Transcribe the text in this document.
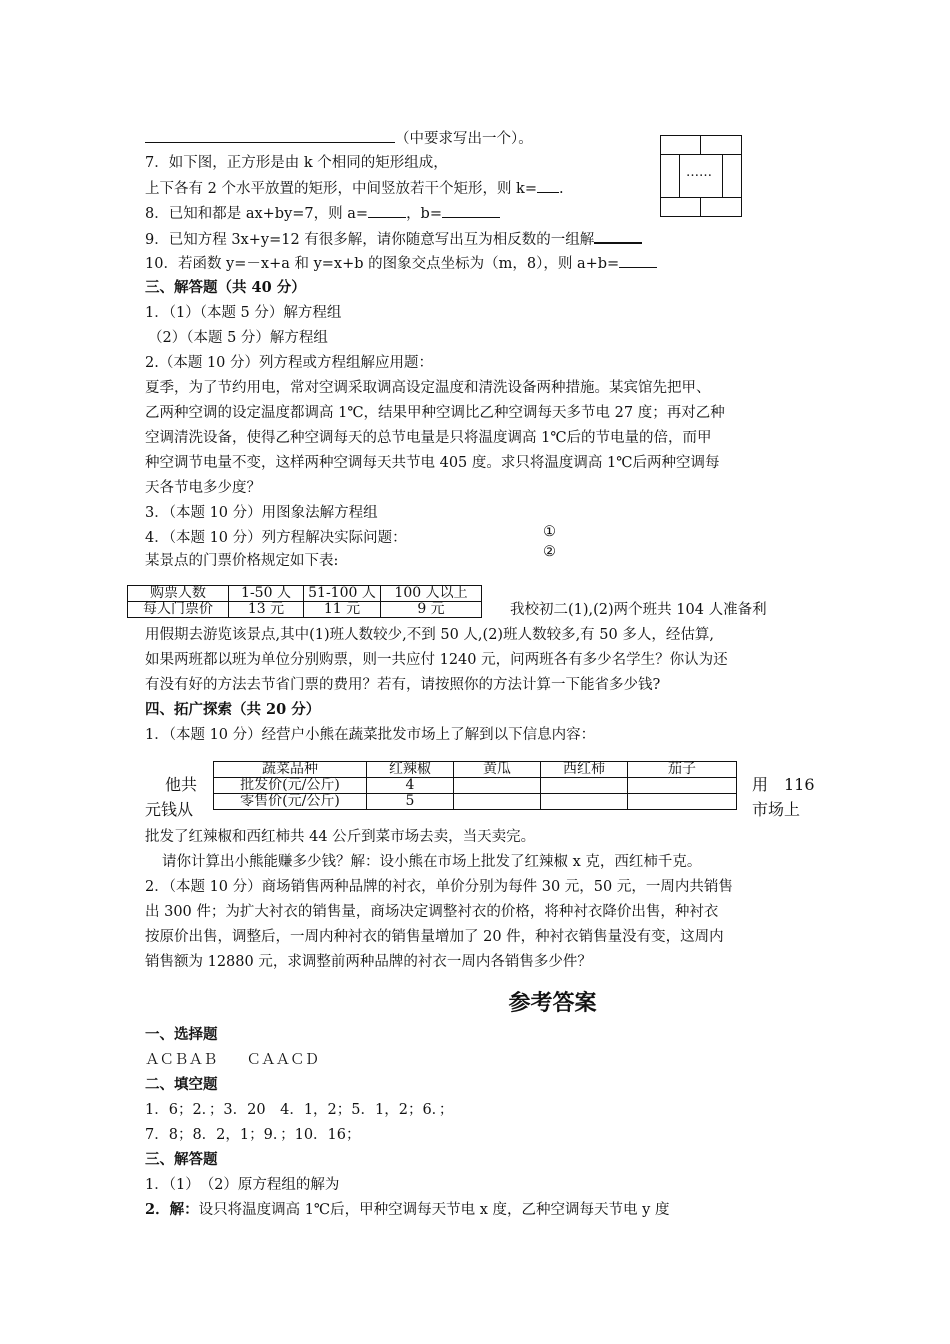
（中要求写出一个）。
7．如下图，正方形是由 k 个相同的矩形组成，
上下各有 2 个水平放置的矩形，中间竖放若干个矩形，则 k= .
……
8．已知和都是 ax+by=7，则 a=	，b=
9．已知方程 3x+y=12 有很多解，请你随意写出互为相反数的一组解
10．若函数 y=－x+a 和 y=x+b 的图象交点坐标为（m，8），则 a+b=
三、解答题（共 40 分）
1．（1）（本题 5 分）解方程组
（2）（本题 5 分）解方程组
2.（本题 10 分）列方程或方程组解应用题：
夏季，为了节约用电，常对空调采取调高设定温度和清洗设备两种措施。某宾馆先把甲、
乙两种空调的设定温度都调高 1℃，结果甲种空调比乙种空调每天多节电 27 度；再对乙种
空调清洗设备，使得乙种空调每天的总节电量是只将温度调高 1℃后的节电量的倍，而甲
种空调节电量不变，这样两种空调每天共节电 405 度。求只将温度调高 1℃后两种空调每
天各节电多少度？
3．（本题 10 分）用图象法解方程组
4．（本题 10 分）列方程解决实际问题：	①
②
某景点的门票价格规定如下表:
购票人数	1-50 人	51-100 人	100 人以上
每人门票价	13 元	11 元	9 元	我校初二(1),(2)两个班共 104 人准备利
用假期去游览该景点,其中(1)班人数较少,不到 50 人,(2)班人数较多,有 50 多人，经估算,
如果两班都以班为单位分别购票，则一共应付 1240 元，问两班各有多少名学生？你认为还
有没有好的方法去节省门票的费用？若有，请按照你的方法计算一下能省多少钱?
四、拓广探索（共 20 分）
1．（本题 10 分）经营户小熊在蔬菜批发市场上了解到以下信息内容：
蔬菜品种	红辣椒	黄瓜	西红柿	茄子
批发价(元/公斤)	4			
零售价(元/公斤)	5			
他共
元钱从
用　116
市场上
批发了红辣椒和西红柿共 44 公斤到菜市场去卖，当天卖完。
请你计算出小熊能赚多少钱？解：设小熊在市场上批发了红辣椒 x 克，西红柿千克。
2．（本题 10 分）商场销售两种品牌的衬衣，单价分别为每件 30 元，50 元，一周内共销售
出 300 件；为扩大衬衣的销售量，商场决定调整衬衣的价格，将种衬衣降价出售，种衬衣
按原价出售，调整后，一周内种衬衣的销售量增加了 20 件，种衬衣销售量没有变，这周内
销售额为 12880 元，求调整前两种品牌的衬衣一周内各销售多少件？
参考答案
一、选择题
ＡＣＢＡＢ　　ＣＡＡＣＤ
二、填空题
1．6；2．；3．20　4．1，2；5．1，2；6．；
7．8；8．2，1；9．；10．16；
三、解答题
1．（1）　（2）原方程组的解为
2．解：设只将温度调高 1℃后，甲种空调每天节电 x 度，乙种空调每天节电 y 度
